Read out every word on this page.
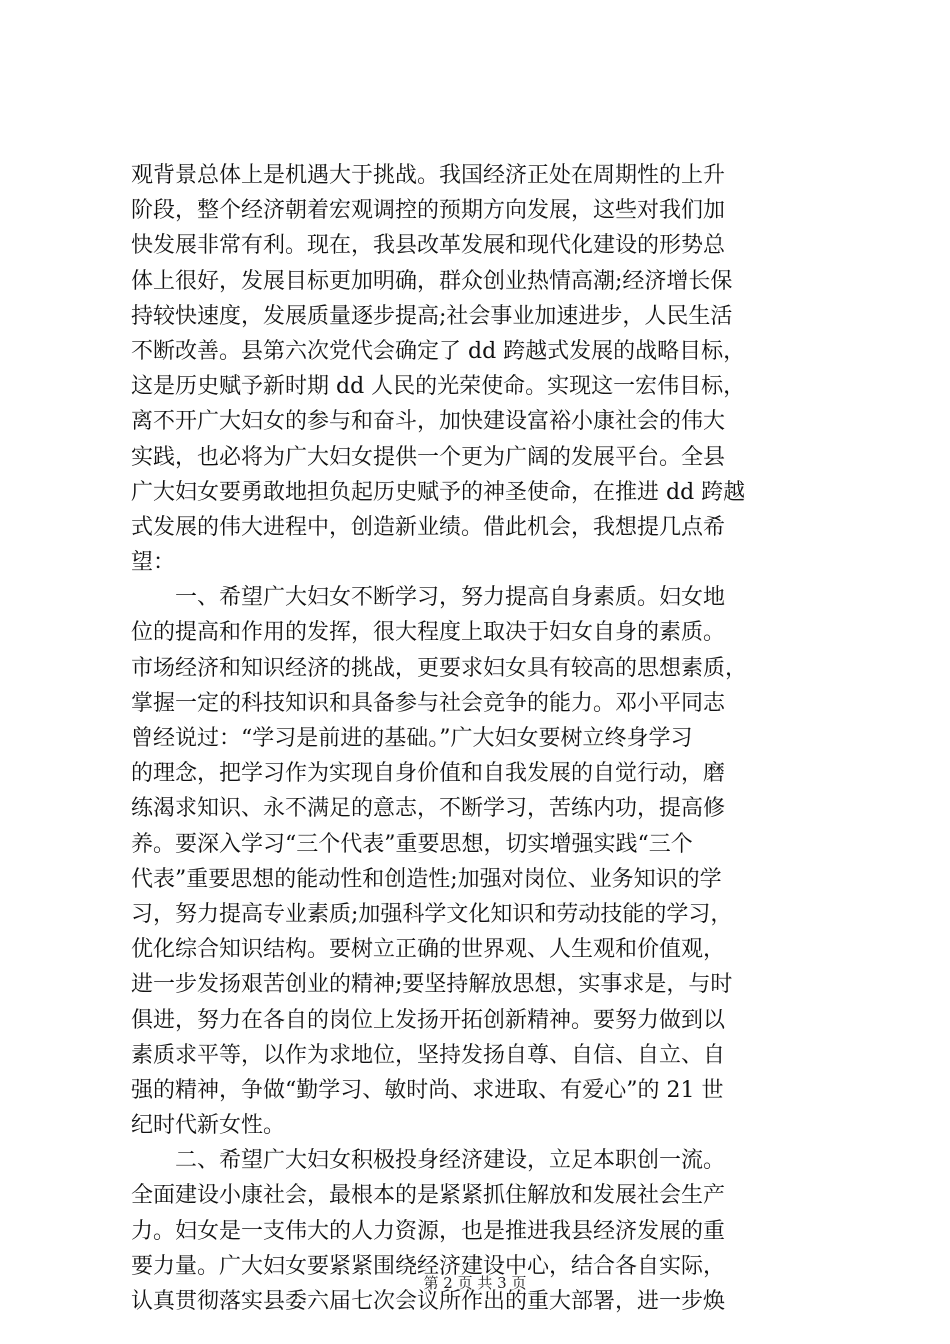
观背景总体上是机遇大于挑战。我国经济正处在周期性的上升
阶段，整个经济朝着宏观调控的预期方向发展，这些对我们加
快发展非常有利。现在，我县改革发展和现代化建设的形势总
体上很好，发展目标更加明确，群众创业热情高潮;经济增长保
持较快速度，发展质量逐步提高;社会事业加速进步，人民生活
不断改善。县第六次党代会确定了 dd 跨越式发展的战略目标，
这是历史赋予新时期 dd 人民的光荣使命。实现这一宏伟目标，
离不开广大妇女的参与和奋斗，加快建设富裕小康社会的伟大
实践，也必将为广大妇女提供一个更为广阔的发展平台。全县
广大妇女要勇敢地担负起历史赋予的神圣使命，在推进 dd 跨越
式发展的伟大进程中，创造新业绩。借此机会，我想提几点希
望：
　　一、希望广大妇女不断学习，努力提高自身素质。妇女地
位的提高和作用的发挥，很大程度上取决于妇女自身的素质。
市场经济和知识经济的挑战，更要求妇女具有较高的思想素质，
掌握一定的科技知识和具备参与社会竞争的能力。邓小平同志
曾经说过：“学习是前进的基础。”广大妇女要树立终身学习
的理念，把学习作为实现自身价值和自我发展的自觉行动，磨
练渴求知识、永不满足的意志，不断学习，苦练内功，提高修
养。要深入学习“三个代表”重要思想，切实增强实践“三个
代表”重要思想的能动性和创造性;加强对岗位、业务知识的学
习，努力提高专业素质;加强科学文化知识和劳动技能的学习，
优化综合知识结构。要树立正确的世界观、人生观和价值观，
进一步发扬艰苦创业的精神;要坚持解放思想，实事求是，与时
俱进，努力在各自的岗位上发扬开拓创新精神。要努力做到以
素质求平等，以作为求地位，坚持发扬自尊、自信、自立、自
强的精神，争做“勤学习、敏时尚、求进取、有爱心”的 21 世
纪时代新女性。
　　二、希望广大妇女积极投身经济建设，立足本职创一流。
全面建设小康社会，最根本的是紧紧抓住解放和发展社会生产
力。妇女是一支伟大的人力资源，也是推进我县经济发展的重
要力量。广大妇女要紧紧围绕经济建设中心，结合各自实际，
认真贯彻落实县委六届七次会议所作出的重大部署，进一步焕
第 2 页 共 3 页
